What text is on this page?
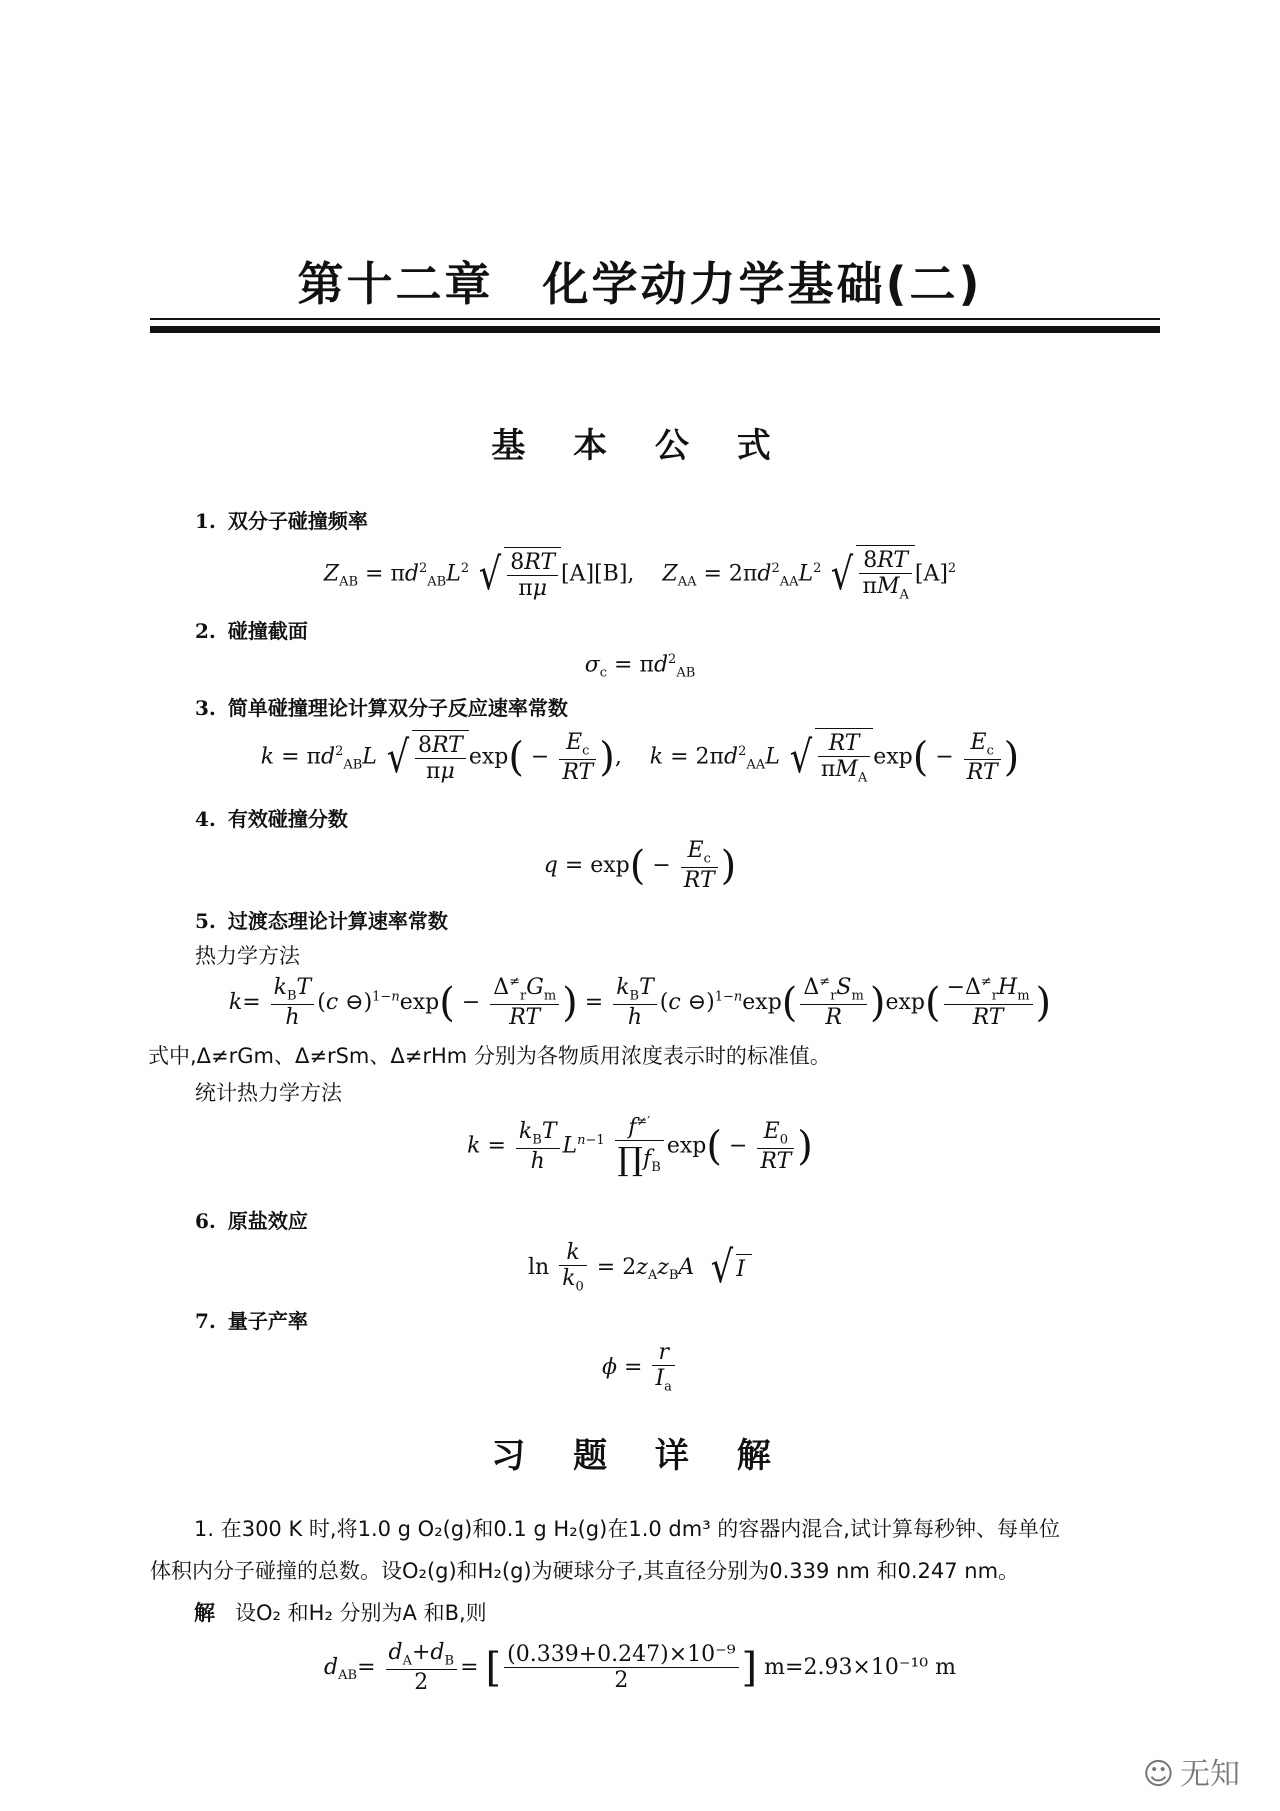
第十二章　化学动力学基础(二)
基 本 公 式
1. 双分子碰撞频率
$Z_{AB} = \pi d^2_{AB}L^2$ √ $\frac{8RT}{\pi\mu} [A][B]$,    $Z_{AA} = 2\pi d^2_{AA}L^2$ √ $\frac{8RT}{\pi M_A} [A]^2$
2. 碰撞截面
$\sigma_c = \pi d^2_{AB}$
3. 简单碰撞理论计算双分子反应速率常数
$k = \pi d^2_{AB}L$ √ $\frac{8RT}{\pi\mu} \exp( - \frac{E_c}{RT}$ ),    $k = 2\pi d^2_{AA}L$ √ $\frac{RT}{\pi M_A} \exp( - \frac{E_c}{RT}$ )
4. 有效碰撞分数
$q = \exp( - \frac{E_c}{RT}$ )
5. 过渡态理论计算速率常数
热力学方法
$k= \frac{k_BT}{h} (c$ ⊖)$^{1-n}$exp( − $\frac{\Delta^\ne_rG_m}{RT}$ ) = $\frac{k_BT}{h} (c$ ⊖)$^{1-n}$exp( $\frac{\Delta^\ne_rS_m}{R} )\exp( \frac{-\Delta^\ne_rH_m}{RT}$ )
式中,Δ≠rGm、Δ≠rSm、Δ≠rHm 分别为各物质用浓度表示时的标准值。
统计热力学方法
$k = \frac{k_BT}{h} L^{n-1} \frac{f^{\ne'}}{\prod f_B} \exp( - \frac{E_0}{RT}$ )
6. 原盐效应
$\ln \frac{k}{k_0} = 2z_Az_BA$ √ I
7. 量子产率
$\phi = \frac{r}{I_a}$
习 题 详 解
1. 在300 K 时,将1.0 g O₂(g)和0.1 g H₂(g)在1.0 dm³ 的容器内混合,试计算每秒钟、每单位
体积内分子碰撞的总数。设O₂(g)和H₂(g)为硬球分子,其直径分别为0.339 nm 和0.247 nm。
解 设O₂ 和H₂ 分别为A 和B,则
$d_{AB}= \frac{d_A+d_B}{2}$ = [ $\frac{\text{(0.339+0.247)×10⁻⁹}}{2}$ ] m=2.93×10⁻¹⁰ m
☺ 无知
